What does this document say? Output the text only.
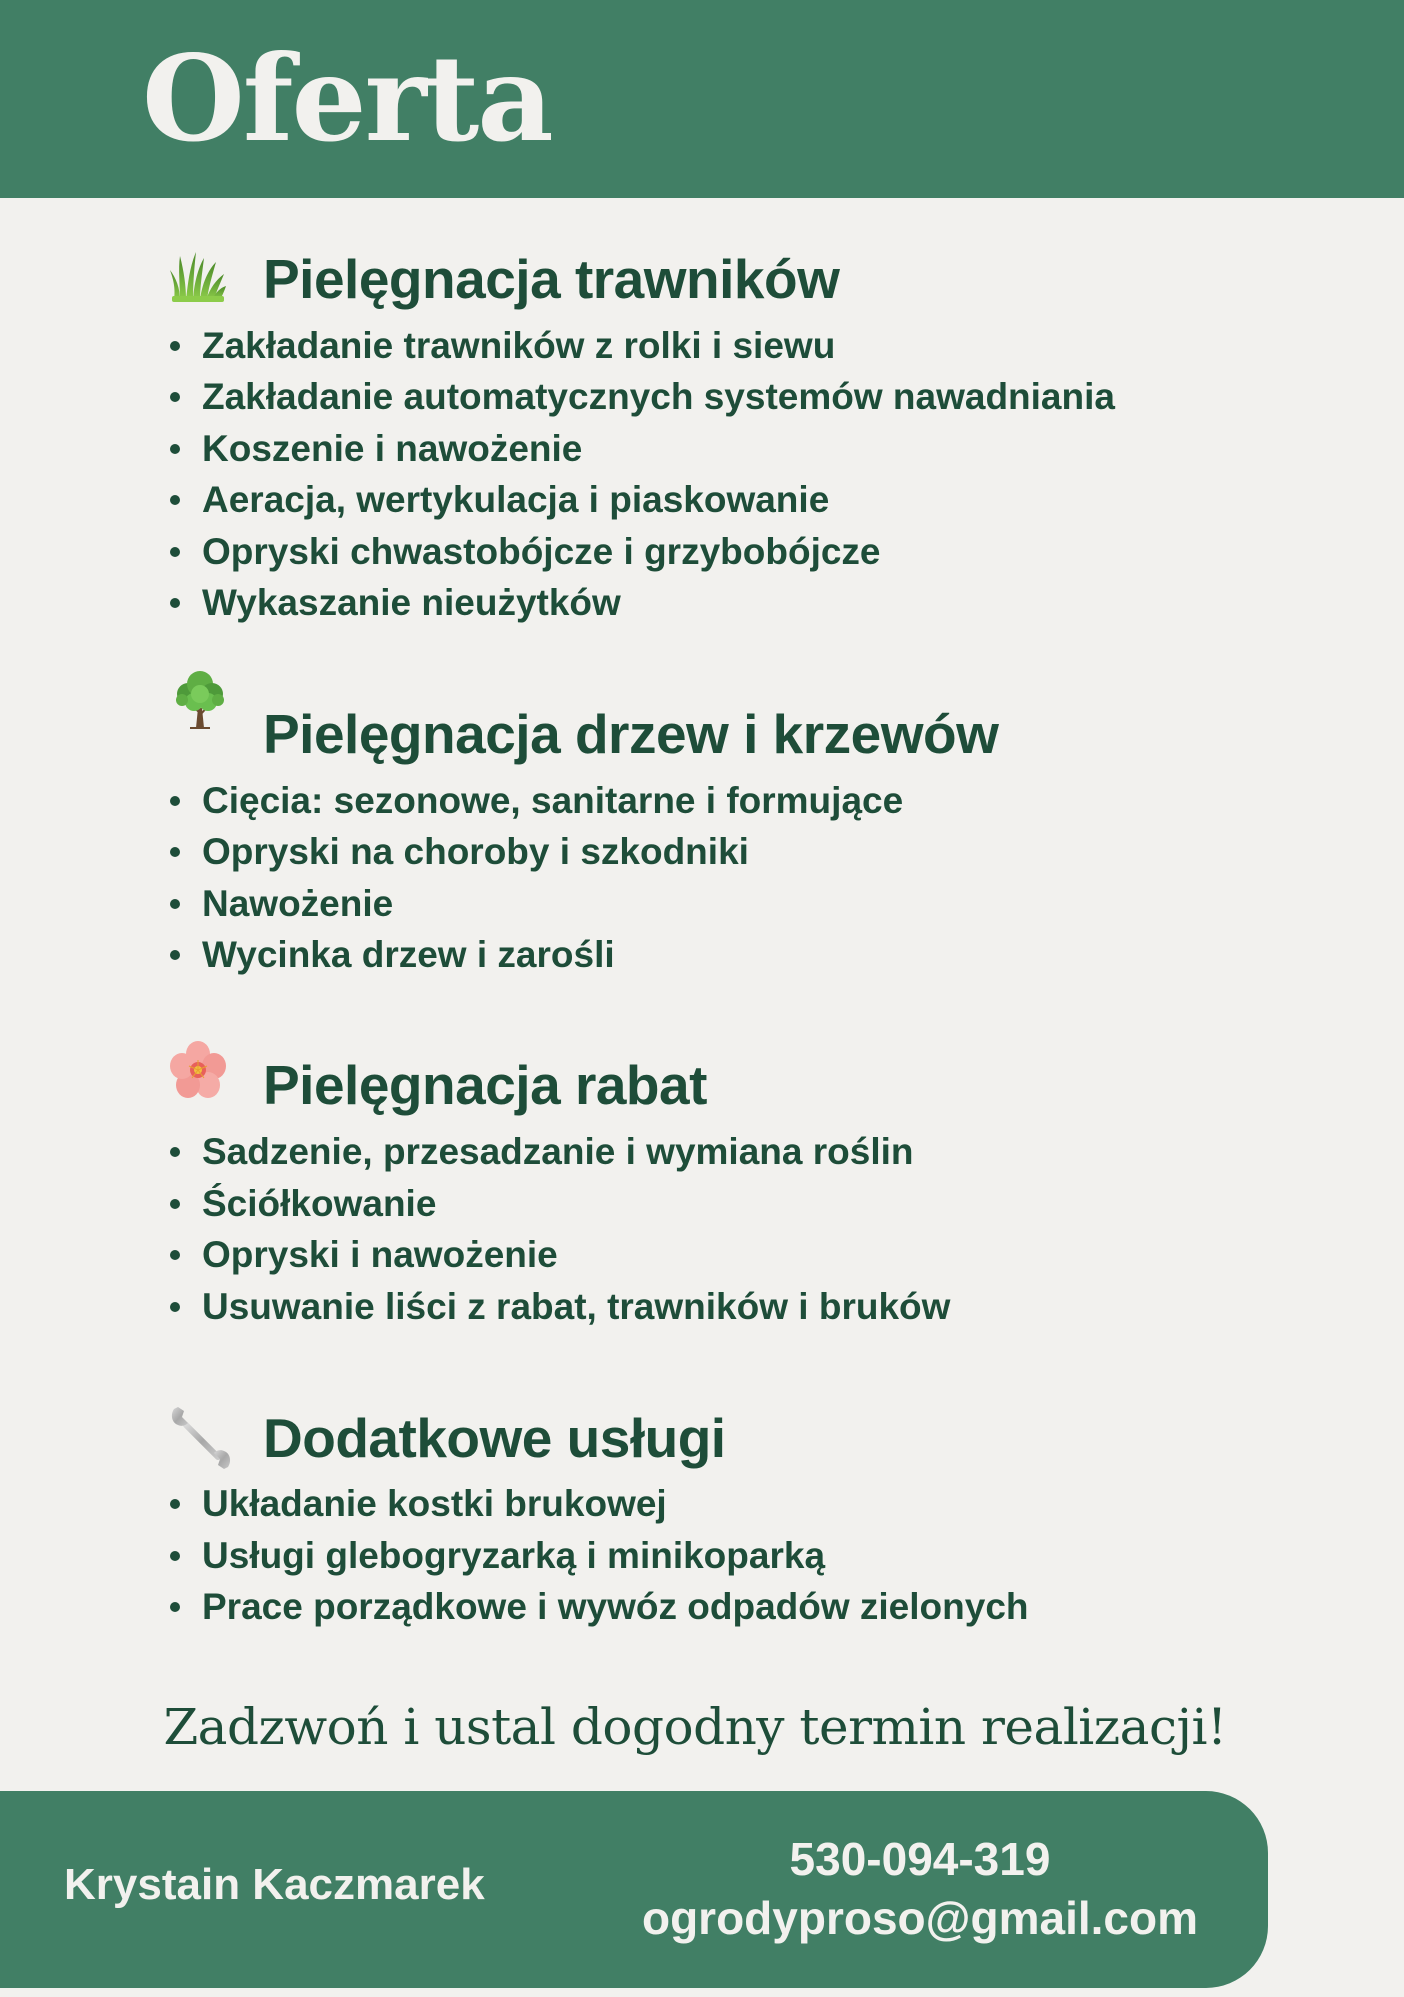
Oferta
Pielęgnacja trawników
Zakładanie trawników z rolki i siewu
Zakładanie automatycznych systemów nawadniania
Koszenie i nawożenie
Aeracja, wertykulacja i piaskowanie
Opryski chwastobójcze i grzybobójcze
Wykaszanie nieużytków
Pielęgnacja drzew i krzewów
Cięcia: sezonowe, sanitarne i formujące
Opryski na choroby i szkodniki
Nawożenie
Wycinka drzew i zarośli
Pielęgnacja rabat
Sadzenie, przesadzanie i wymiana roślin
Ściółkowanie
Opryski i nawożenie
Usuwanie liści z rabat, trawników i bruków
Dodatkowe usługi
Układanie kostki brukowej
Usługi glebogryzarką i minikoparką
Prace porządkowe i wywóz odpadów zielonych

Zadzwoń i ustal dogodny termin realizacji!

Krystain Kaczmarek	530-094-319
ogrodyproso@gmail.com
